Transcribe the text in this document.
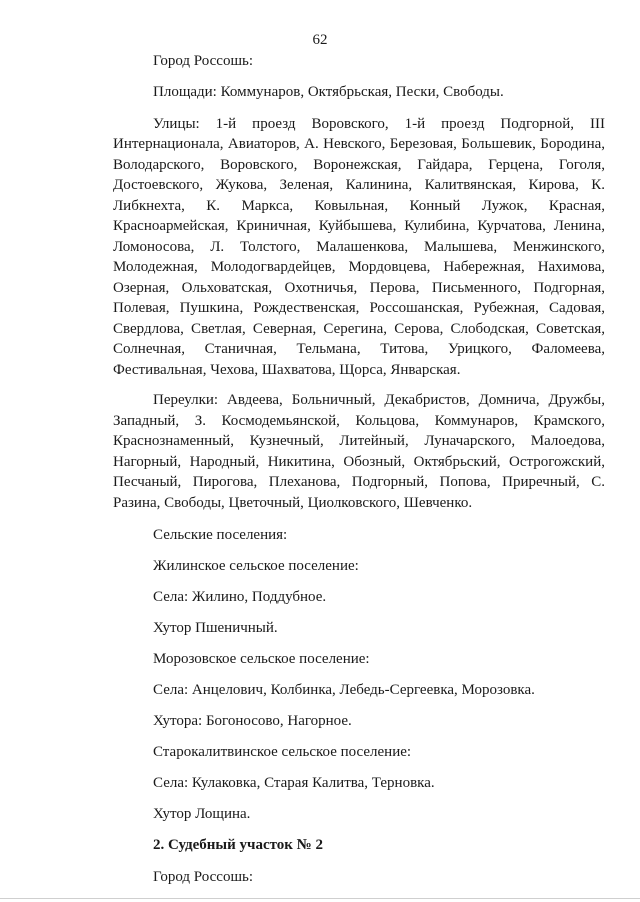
62
Город Россошь:
Площади: Коммунаров, Октябрьская, Пески, Свободы.
Улицы: 1-й проезд Воровского, 1-й проезд Подгорной, III Интернационала, Авиаторов, А. Невского, Березовая, Большевик, Бородина, Володарского, Воровского, Воронежская, Гайдара, Герцена, Гоголя, Достоевского, Жукова, Зеленая, Калинина, Калитвянская, Кирова, К. Либкнехта, К. Маркса, Ковыльная, Конный Лужок, Красная, Красноармейская, Криничная, Куйбышева, Кулибина, Курчатова, Ленина, Ломоносова, Л. Толстого, Малашенкова, Малышева, Менжинского, Молодежная, Молодогвардейцев, Мордовцева, Набережная, Нахимова, Озерная, Ольховатская, Охотничья, Перова, Письменного, Подгорная, Полевая, Пушкина, Рождественская, Россошанская, Рубежная, Садовая, Свердлова, Светлая, Северная, Серегина, Серова, Слободская, Советская, Солнечная, Станичная, Тельмана, Титова, Урицкого, Фаломеева, Фестивальная, Чехова, Шахватова, Щорса, Январская.
Переулки: Авдеева, Больничный, Декабристов, Домнича, Дружбы, Западный, З. Космодемьянской, Кольцова, Коммунаров, Крамского, Краснознаменный, Кузнечный, Литейный, Луначарского, Малоедова, Нагорный, Народный, Никитина, Обозный, Октябрьский, Острогожский, Песчаный, Пирогова, Плеханова, Подгорный, Попова, Приречный, С. Разина, Свободы, Цветочный, Циолковского, Шевченко.
Сельские поселения:
Жилинское сельское поселение:
Села: Жилино, Поддубное.
Хутор Пшеничный.
Морозовское сельское поселение:
Села: Анцелович, Колбинка, Лебедь-Сергеевка, Морозовка.
Хутора: Богоносово, Нагорное.
Старокалитвинское сельское поселение:
Села: Кулаковка, Старая Калитва, Терновка.
Хутор Лощина.
2. Судебный участок № 2
Город Россошь:
